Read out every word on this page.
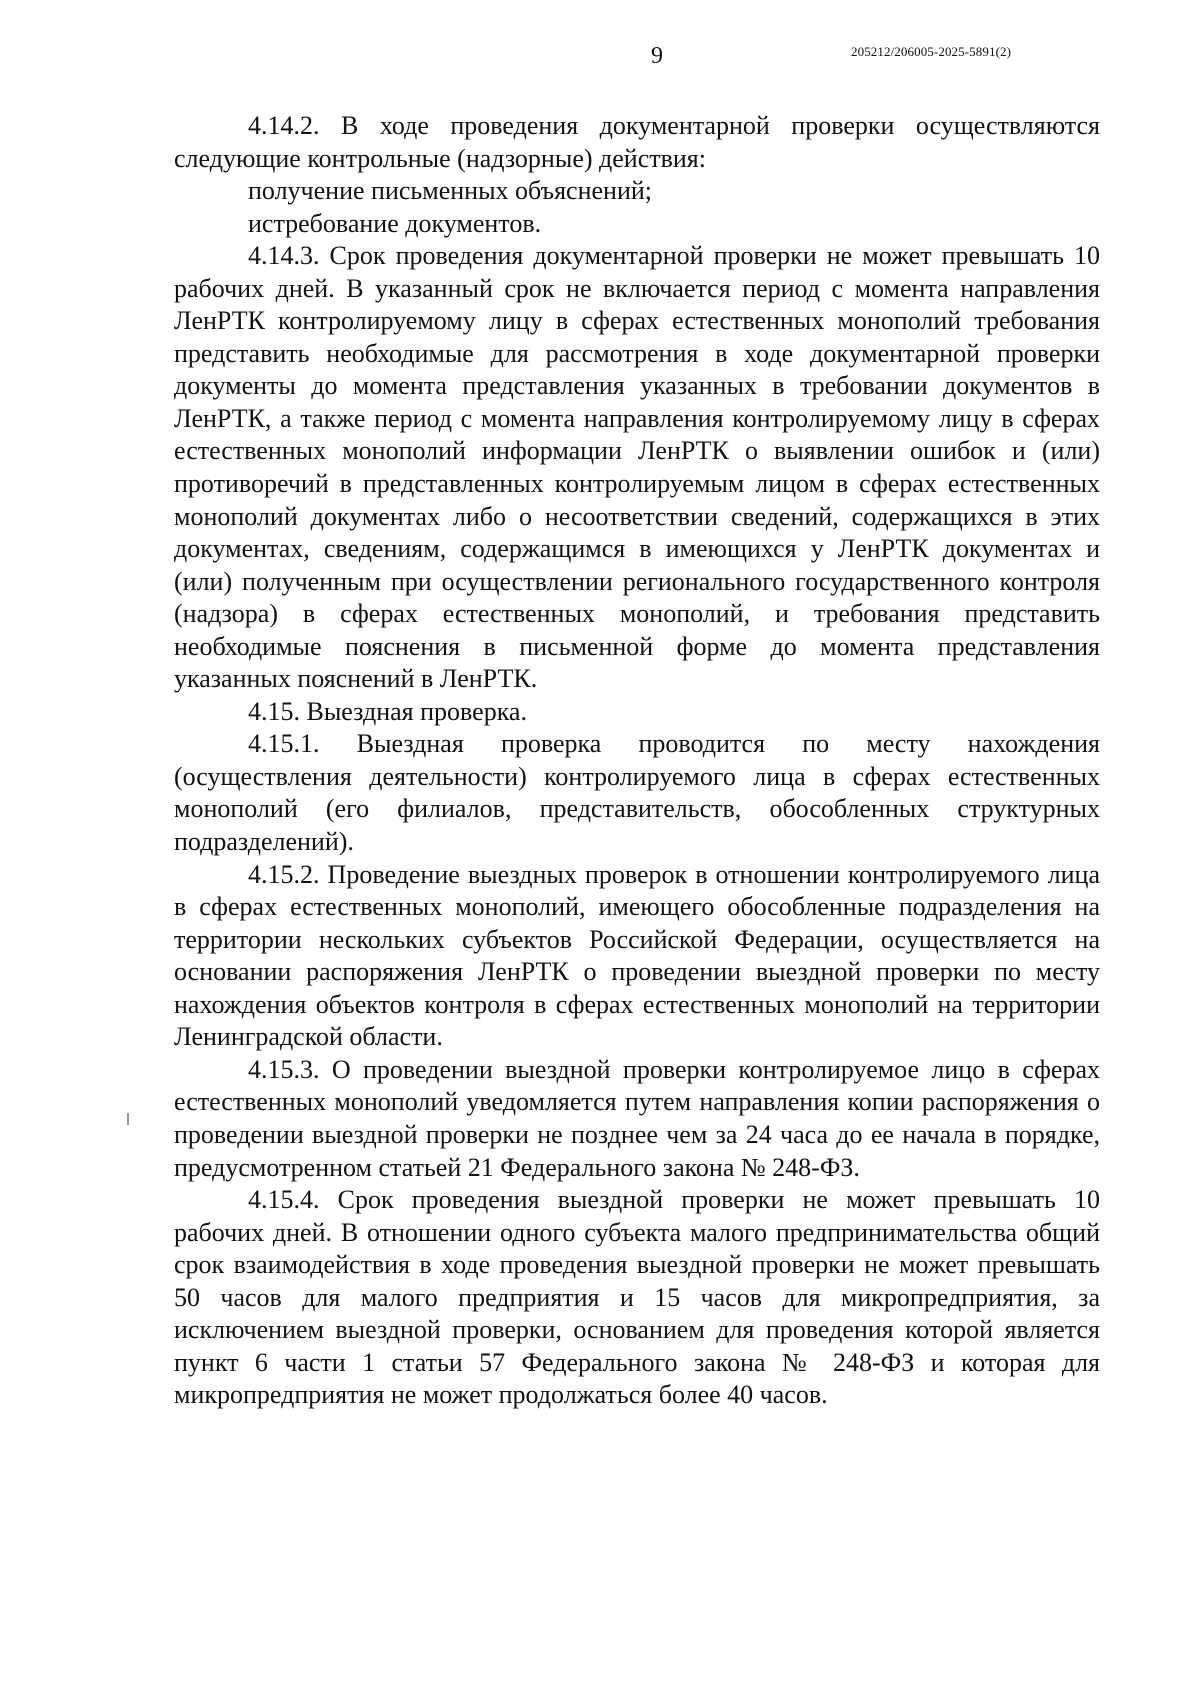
9	205212/206005-2025-5891(2)

4.14.2. В ходе проведения документарной проверки осуществляются следующие контрольные (надзорные) действия:

получение письменных объяснений;

истребование документов.

4.14.3. Срок проведения документарной проверки не может превышать 10 рабочих дней. В указанный срок не включается период с момента направления ЛенРТК контролируемому лицу в сферах естественных монополий требования представить необходимые для рассмотрения в ходе документарной проверки документы до момента представления указанных в требовании документов в ЛенРТК, а также период с момента направления контролируемому лицу в сферах естественных монополий информации ЛенРТК о выявлении ошибок и (или) противоречий в представленных контролируемым лицом в сферах естественных монополий документах либо о несоответствии сведений, содержащихся в этих документах, сведениям, содержащимся в имеющихся у ЛенРТК документах и (или) полученным при осуществлении регионального государственного контроля (надзора) в сферах естественных монополий, и требования представить необходимые пояснения в письменной форме до момента представления указанных пояснений в ЛенРТК.

4.15. Выездная проверка.

4.15.1. Выездная проверка проводится по месту нахождения (осуществления деятельности) контролируемого лица в сферах естественных монополий (его филиалов, представительств, обособленных структурных подразделений).

4.15.2. Проведение выездных проверок в отношении контролируемого лица в сферах естественных монополий, имеющего обособленные подразделения на территории нескольких субъектов Российской Федерации, осуществляется на основании распоряжения ЛенРТК о проведении выездной проверки по месту нахождения объектов контроля в сферах естественных монополий на территории Ленинградской области.

4.15.3. О проведении выездной проверки контролируемое лицо в сферах естественных монополий уведомляется путем направления копии распоряжения о проведении выездной проверки не позднее чем за 24 часа до ее начала в порядке, предусмотренном статьей 21 Федерального закона № 248-ФЗ.

4.15.4. Срок проведения выездной проверки не может превышать 10 рабочих дней. В отношении одного субъекта малого предпринимательства общий срок взаимодействия в ходе проведения выездной проверки не может превышать 50 часов для малого предприятия и 15 часов для микропредприятия, за исключением выездной проверки, основанием для проведения которой является пункт 6 части 1 статьи 57 Федерального закона № 248-ФЗ и которая для микропредприятия не может продолжаться более 40 часов.
